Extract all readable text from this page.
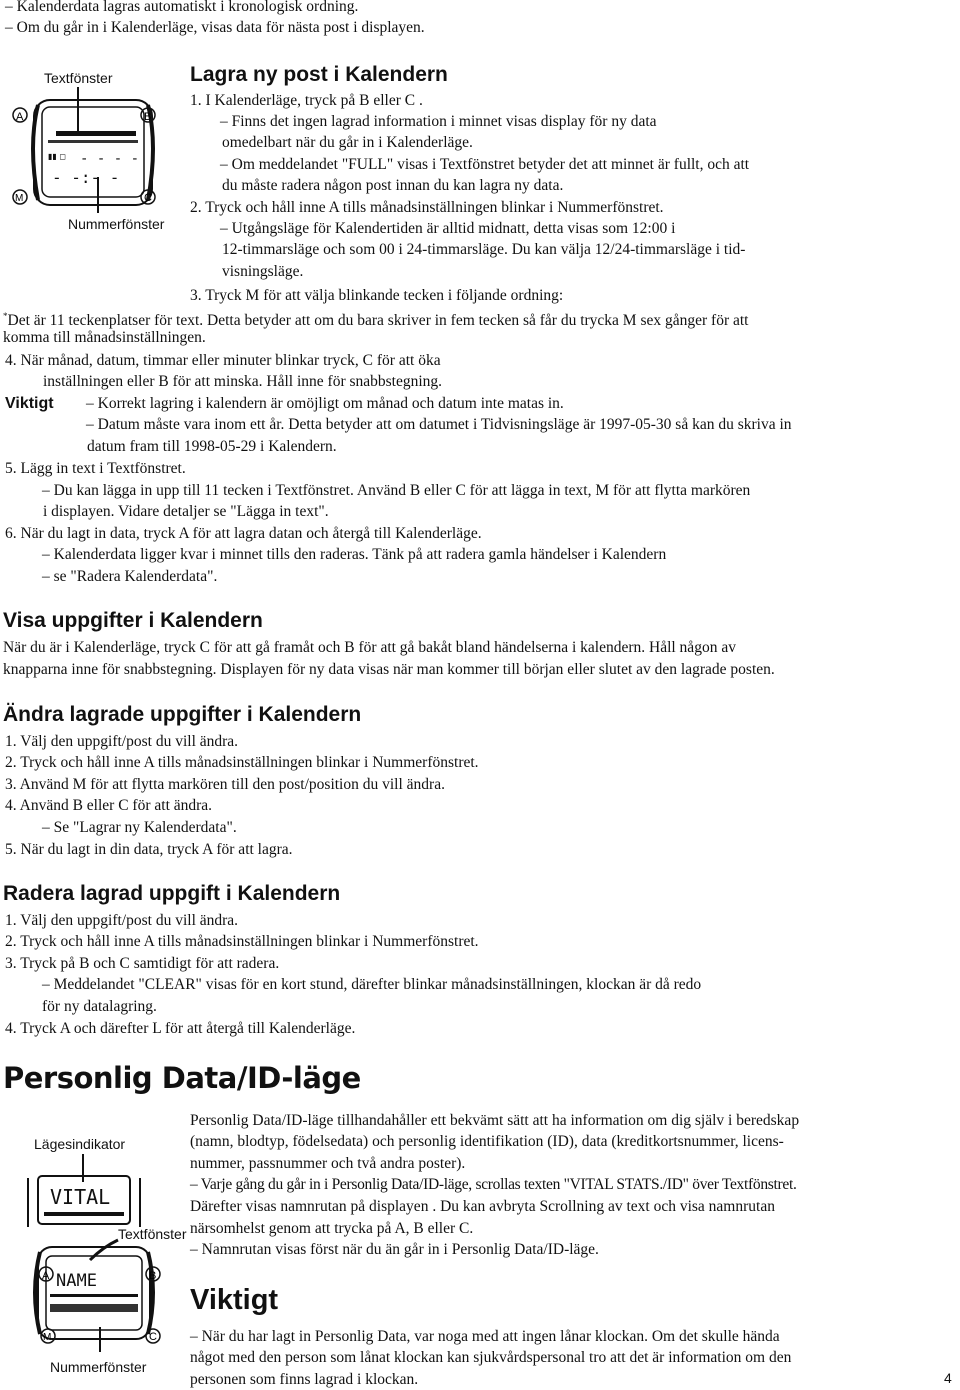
– Kalenderdata lagras automatiskt i kronologisk ordning.
– Om du går in i Kalenderläge, visas data för nästa post i displayen.
Textfönster
Nummerfönster
▮▮ ◻ - - - -
- -:- -
A	B
M	C
Lagra ny post i Kalendern
1. I Kalenderläge, tryck på B eller C .
– Finns det ingen lagrad information i minnet visas display för ny data
omedelbart när du går in i Kalenderläge.
– Om meddelandet "FULL" visas i Textfönstret betyder det att minnet är fullt, och att
du måste radera någon post innan du kan lagra ny data.
2. Tryck och håll inne A tills månadsinställningen blinkar i Nummerfönstret.
– Utgångsläge för Kalendertiden är alltid midnatt, detta visas som 12:00 i
12-timmarsläge och som 00 i 24-timmarsläge. Du kan välja 12/24-timmarsläge i tid-
visningsläge.
3. Tryck M för att välja blinkande tecken i följande ordning:
*Det är 11 teckenplatser för text. Detta betyder att om du bara skriver in fem tecken så får du trycka M sex gånger för att
komma till månadsinställningen.
4. När månad, datum, timmar eller minuter blinkar tryck, C för att öka
inställningen eller B för att minska. Håll inne för snabbstegning.
Viktigt – Korrekt lagring i kalendern är omöjligt om månad och datum inte matas in.
– Datum måste vara inom ett år. Detta betyder att om datumet i Tidvisningsläge är 1997-05-30 så kan du skriva in
datum fram till 1998-05-29 i Kalendern.
5. Lägg in text i Textfönstret.
– Du kan lägga in upp till 11 tecken i Textfönstret. Använd B eller C för att lägga in text, M för att flytta markören
i displayen. Vidare detaljer se "Lägga in text".
6. När du lagt in data, tryck A för att lagra datan och återgå till Kalenderläge.
– Kalenderdata ligger kvar i minnet tills den raderas. Tänk på att radera gamla händelser i Kalendern
– se "Radera Kalenderdata".
Visa uppgifter i Kalendern
När du är i Kalenderläge, tryck C för att gå framåt och B för att gå bakåt bland händelserna i kalendern. Håll någon av
knapparna inne för snabbstegning. Displayen för ny data visas när man kommer till början eller slutet av den lagrade posten.
Ändra lagrade uppgifter i Kalendern
1. Välj den uppgift/post du vill ändra.
2. Tryck och håll inne A tills månadsinställningen blinkar i Nummerfönstret.
3. Använd M för att flytta markören till den post/position du vill ändra.
4. Använd B eller C för att ändra.
– Se "Lagrar ny Kalenderdata".
5. När du lagt in din data, tryck A för att lagra.
Radera lagrad uppgift i Kalendern
1. Välj den uppgift/post du vill ändra.
2. Tryck och håll inne A tills månadsinställningen blinkar i Nummerfönstret.
3. Tryck på B och C samtidigt för att radera.
– Meddelandet "CLEAR" visas för en kort stund, därefter blinkar månadsinställningen, klockan är då redo
för ny datalagring.
4. Tryck A och därefter L för att återgå till Kalenderläge.
Personlig Data/ID-läge
Lägesindikator
Textfönster
Nummerfönster
VITAL
NAME
A	B
M	C
Personlig Data/ID-läge tillhandahåller ett bekvämt sätt att ha information om dig själv i beredskap
(namn, blodtyp, födelsedata) och personlig identifikation (ID), data (kreditkortsnummer, licens-
nummer, passnummer och två andra poster).
– Varje gång du går in i Personlig Data/ID-läge, scrollas texten "VITAL STATS./ID" över Textfönstret.
Därefter visas namnrutan på displayen . Du kan avbryta Scrollning av text och visa namnrutan
närsomhelst genom att trycka på A, B eller C.
– Namnrutan visas först när du än går in i Personlig Data/ID-läge.
Viktigt
– När du har lagt in Personlig Data, var noga med att ingen lånar klockan. Om det skulle hända
något med den person som lånat klockan kan sjukvårdspersonal tro att det är information om den
personen som finns lagrad i klockan.	4
